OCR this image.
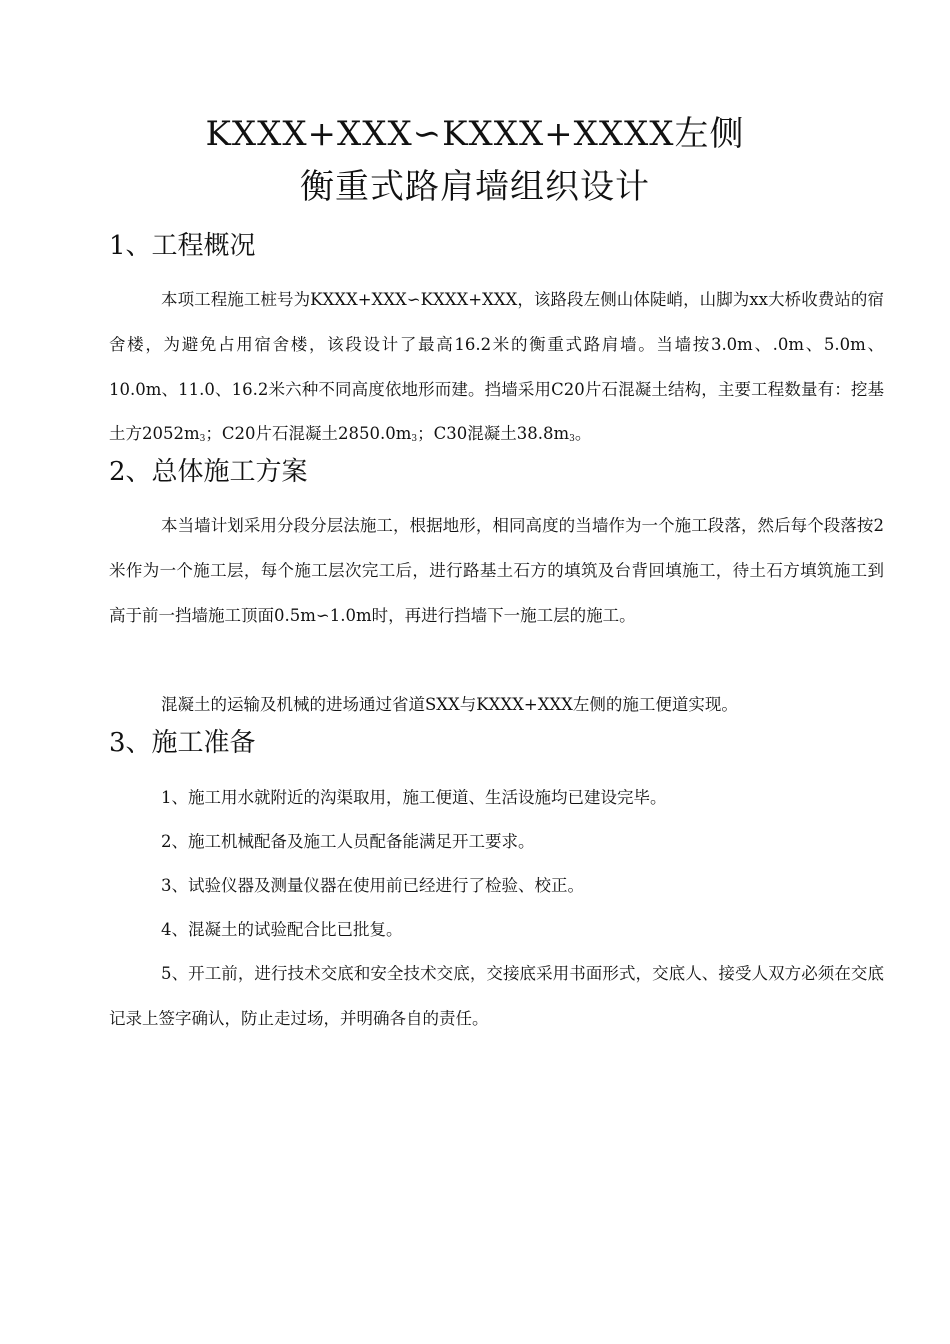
KXXX+XXX∽KXXX+XXXX左侧
衡重式路肩墙组织设计
1、工程概况

本项工程施工桩号为KXXX+XXX∽KXXX+XXX，该路段左侧山体陡峭，山脚为xx大桥收费站的宿舍楼，为避免占用宿舍楼，该段设计了最高16.2米的衡重式路肩墙。当墙按3.0m、.0m、5.0m、10.0m、11.0、16.2米六种不同高度依地形而建。挡墙采用C20片石混凝土结构，主要工程数量有：挖基土方$2052m_3$；C20片石混凝土$2850.0m_3$；C30混凝土$38.8m_3$。

2、总体施工方案

本当墙计划采用分段分层法施工，根据地形，相同高度的当墙作为一个施工段落，然后每个段落按2米作为一个施工层，每个施工层次完工后，进行路基土石方的填筑及台背回填施工，待土石方填筑施工到高于前一挡墙施工顶面0.5m∽1.0m时，再进行挡墙下一施工层的施工。

混凝土的运输及机械的进场通过省道SXX与KXXX+XXX左侧的施工便道实现。

3、施工准备

1、施工用水就附近的沟渠取用，施工便道、生活设施均已建设完毕。

2、施工机械配备及施工人员配备能满足开工要求。

3、试验仪器及测量仪器在使用前已经进行了检验、校正。

4、混凝土的试验配合比已批复。

5、开工前，进行技术交底和安全技术交底，交接底采用书面形式，交底人、接受人双方必须在交底记录上签字确认，防止走过场，并明确各自的责任。
